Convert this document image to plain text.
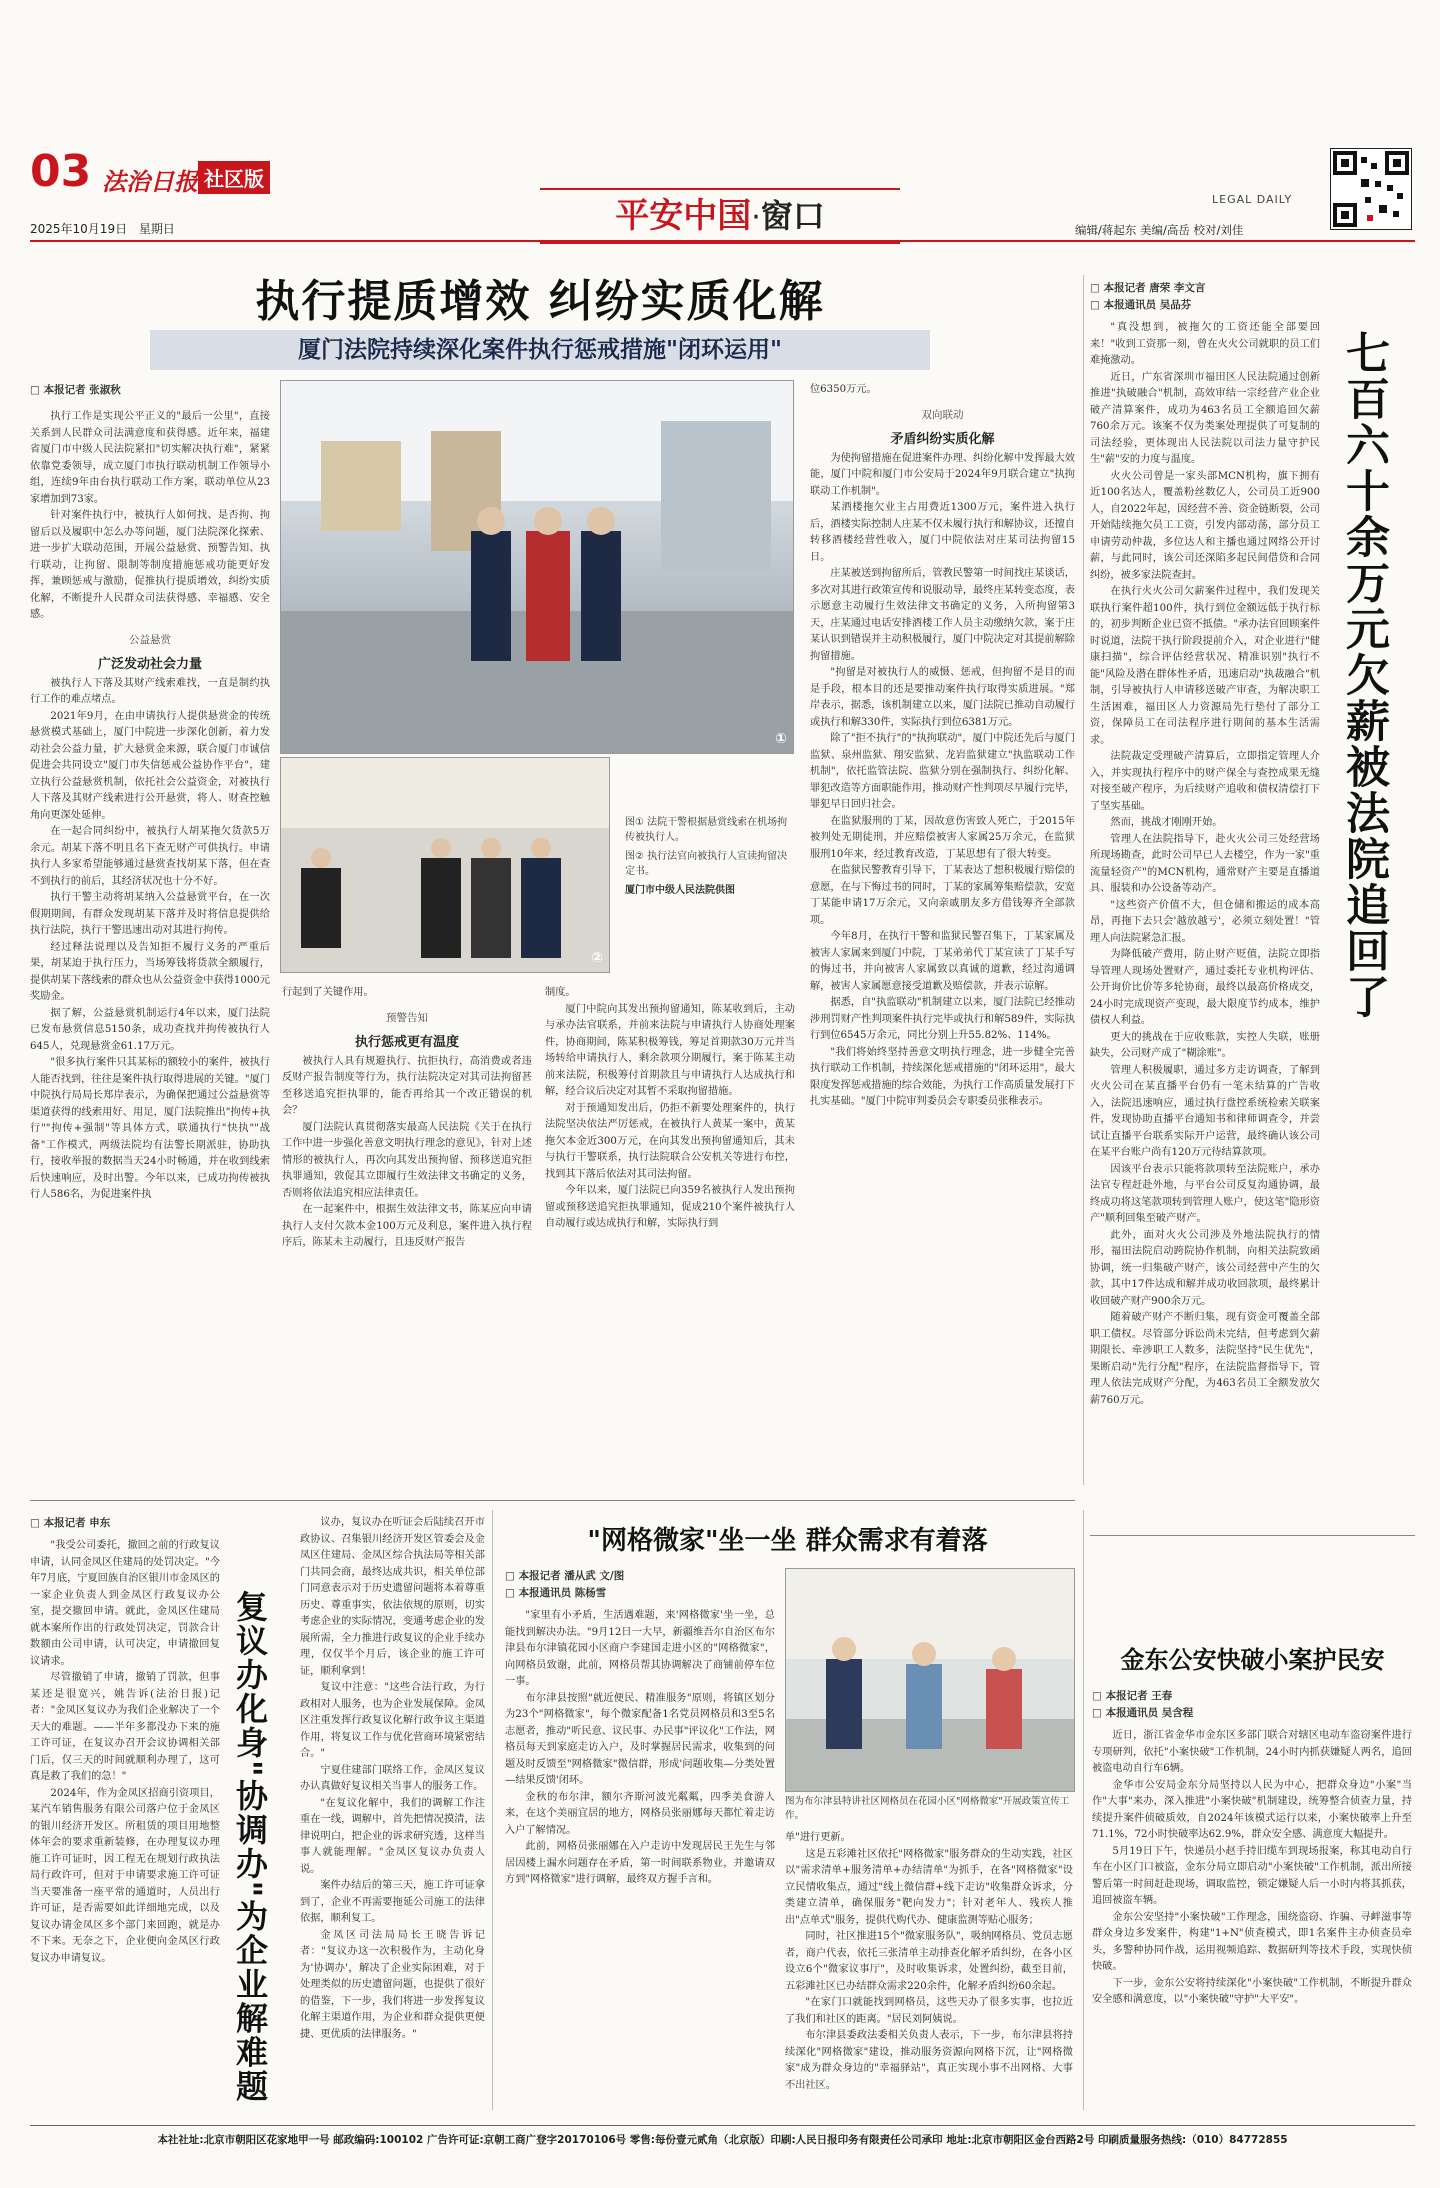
03 法治日报 社区版
2025年10月19日 星期日	平安中国·窗口	LEGAL DAILY
编辑/蒋起东 美编/高岳 校对/刘佳
执行提质增效 纠纷实质化解
厦门法院持续深化案件执行惩戒措施"闭环运用"
□ 本报记者 张淑秋

执行工作是实现公平正义的"最后一公里"，直接关系到人民群众司法满意度和获得感。近年来，福建省厦门市中级人民法院紧扣"切实解决执行难"，紧紧依靠党委领导，成立厦门市执行联动机制工作领导小组，连续9年由台执行联动工作方案，联动单位从23家增加到73家。

针对案件执行中，被执行人如何找、是否拘、拘留后以及履职中怎么办等问题，厦门法院深化探索、进一步扩大联动范围，开展公益悬赏、预警告知、执行联动，让拘留、限制等制度措施惩戒功能更好发挥，兼顾惩戒与激励，促推执行提质增效，纠纷实质化解，不断提升人民群众司法获得感、幸福感、安全感。

公益悬赏
广泛发动社会力量

被执行人下落及其财产线索难找，一直是制约执行工作的难点堵点。

2021年9月，在由申请执行人提供悬赏金的传统悬赏模式基础上，厦门中院进一步深化创新，着力发动社会公益力量，扩大悬赏金来源，联合厦门市诚信促进会共同设立"厦门市失信惩戒公益协作平台"，建立执行公益悬赏机制，依托社会公益资金，对被执行人下落及其财产线索进行公开悬赏，将人、财查控触角向更深处延伸。

在一起合同纠纷中，被执行人胡某拖欠货款5万余元。胡某下落不明且名下查无财产可供执行。申请执行人多家希望能够通过悬赏查找胡某下落，但在查不到执行的前后，其经济状况也十分不好。

执行干警主动将胡某纳入公益悬赏平台，在一次假期期间，有群众发现胡某下落并及时将信息提供给执行法院，执行干警迅速出动对其进行拘传。

经过释法说理以及告知拒不履行义务的严重后果，胡某迫于执行压力，当场筹钱将货款全额履行，提供胡某下落线索的群众也从公益资金中获得1000元奖励金。

据了解，公益悬赏机制运行4年以来，厦门法院已发布悬赏信息5150条，成功查找并拘传被执行人645人，兑现悬赏金61.17万元。

"很多执行案件只其某标的额较小的案件，被执行人能否找到，往往是案件执行取得进展的关键。"厦门中院执行局局长郑岸表示，为确保把通过公益悬赏等渠道获得的线索用好、用足，厦门法院推出"拘传+执行""拘传+强制"等具体方式，联通执行"快执""战备"工作模式，两级法院均有法警长期派驻，协助执行，接收举报的数据当天24小时畅通，并在收到线索后快速响应，及时出警。今年以来，已成功拘传被执行人586名，为促进案件执

①
②
图① 法院干警根据悬赏线索在机场拘传被执行人。
图② 执行法官向被执行人宣读拘留决定书。
厦门市中级人民法院供图

行起到了关键作用。

预警告知
执行惩戒更有温度

被执行人具有规避执行、抗拒执行，高消费或者违反财产报告制度等行为，执行法院决定对其司法拘留甚至移送追究拒执罪的，能否再给其一个改正错误的机会？

厦门法院认真贯彻落实最高人民法院《关于在执行工作中进一步强化善意文明执行理念的意见》，针对上述情形的被执行人，再次向其发出预拘留、预移送追究拒执罪通知，敦促其立即履行生效法律文书确定的义务，否则将依法追究相应法律责任。

在一起案件中，根据生效法律文书，陈某应向申请执行人支付欠款本金100万元及利息，案件进入执行程序后，陈某未主动履行，且违反财产报告

制度。

厦门中院向其发出预拘留通知，陈某收到后，主动与承办法官联系，并前来法院与申请执行人协商处理案件，协商期间，陈某积极筹钱，筹足首期款30万元并当场转给申请执行人，剩余款项分期履行，案于陈某主动前来法院，积极筹付首期款且与申请执行人达成执行和解，经合议后决定对其暂不采取拘留措施。

对于预通知发出后，仍拒不新要处理案件的，执行法院坚决依法严厉惩戒，在被执行人黄某一案中，黄某拖欠本金近300万元，在向其发出预拘留通知后，其未与执行干警联系，执行法院联合公安机关等进行布控，找到其下落后依法对其司法拘留。

今年以来，厦门法院已向359名被执行人发出预拘留或预移送追究拒执罪通知，促成210个案件被执行人自动履行或达成执行和解，实际执行到

位6350万元。

双向联动
矛盾纠纷实质化解

为使拘留措施在促进案件办理、纠纷化解中发挥最大效能，厦门中院和厦门市公安局于2024年9月联合建立"执拘联动工作机制"。

某酒楼拖欠业主占用费近1300万元，案件进入执行后，酒楼实际控制人庄某不仅未履行执行和解协议，还擅自转移酒楼经营性收入，厦门中院依法对庄某司法拘留15日。

庄某被送到拘留所后，管教民警第一时间找庄某谈话，多次对其进行政策宣传和说服动导，最终庄某转变态度，表示愿意主动履行生效法律文书确定的义务，入所拘留第3天，庄某通过电话安排酒楼工作人员主动缴纳欠款，案于庄某认识到错误并主动积极履行，厦门中院决定对其提前解除拘留措施。

"拘留是对被执行人的威慑、惩戒，但拘留不是目的而是手段，根本目的还是要推动案件执行取得实质进展。"郑岸表示，据悉，该机制建立以来，厦门法院已推动自动履行或执行和解330件，实际执行到位6381万元。

除了"拒不执行"的"执拘联动"，厦门中院还先后与厦门监狱、泉州监狱、翔安监狱、龙岩监狱建立"执监联动工作机制"，依托监管法院、监狱分别在强制执行、纠纷化解、罪犯改造等方面职能作用，推动财产性判项尽早履行完毕，罪犯早日回归社会。

在监狱服刑的丁某，因故意伤害致人死亡，于2015年被判处无期徒刑，并应赔偿被害人家属25万余元，在监狱服刑10年来，经过教育改造，丁某思想有了很大转变。

在监狱民警教育引导下，丁某表达了想积极履行赔偿的意愿，在与下悔过书的同时，丁某的家属筹集赔偿款，安宽丁某能申请17万余元，又向亲戚朋友多方借钱筹齐全部款项。

今年8月，在执行干警和监狱民警召集下，丁某家属及被害人家属来到厦门中院，丁某弟弟代丁某宣读了丁某手写的悔过书，并向被害人家属致以真诚的道歉，经过沟通调解，被害人家属愿意接受道歉及赔偿款，并表示谅解。

据悉，自"执监联动"机制建立以来，厦门法院已经推动涉刑罚财产性判项案件执行完毕或执行和解589件，实际执行到位6545万余元，同比分别上升55.82%、114%。

"我们将始终坚持善意文明执行理念，进一步健全完善执行联动工作机制，持续深化惩戒措施的"闭环运用"，最大限度发挥惩戒措施的综合效能，为执行工作高质量发展打下扎实基础。"厦门中院审判委员会专职委员张稚表示。

□ 本报记者 唐荣 李文言
□ 本报通讯员 吴品芬

"真没想到，被拖欠的工资还能全部要回来！"收到工资那一刻，曾在火火公司就职的员工们难掩激动。

近日，广东省深圳市福田区人民法院通过创新推进"执破融合"机制，高效审结一宗经营产业企业破产清算案件，成功为463名员工全额追回欠薪760余万元。该案不仅为类案处理提供了可复制的司法经验，更体现出人民法院以司法力量守护民生"薪"安的力度与温度。

火火公司曾是一家头部MCN机构，旗下拥有近100名达人，覆盖粉丝数亿人，公司员工近900人，自2022年起，因经营不善、资金链断裂，公司开始陆续拖欠员工工资，引发内部动荡，部分员工申请劳动仲裁，多位达人和主播也通过网络公开讨薪，与此同时，该公司还深陷多起民间借贷和合同纠纷，被多家法院查封。

在执行火火公司欠薪案件过程中，我们发现关联执行案件超100件，执行到位金额远低于执行标的，初步判断企业已资不抵债。"承办法官回顾案件时说道，法院干执行阶段提前介入，对企业进行"健康扫描"，综合评估经营状况、精准识别"执行不能"风险及潜在群体性矛盾，迅速启动"执裁融合"机制，引导被执行人申请移送破产审查，为解决职工生活困难，福田区人力资源局先行垫付了部分工资，保障员工在司法程序进行期间的基本生活需求。

法院裁定受理破产清算后，立即指定管理人介入，并实现执行程序中的财产保全与查控成果无缝对接至破产程序，为后续财产追收和债权清偿打下了坚实基础。

然而，挑战才刚刚开始。

管理人在法院指导下，赴火火公司三处经营场所现场勘查，此时公司早已人去楼空，作为一家"重流量轻资产"的MCN机构，通常财产主要是直播道具、服装和办公设备等动产。

"这些资产价值不大，但仓储和搬运的成本高昂，再拖下去只会'越放越亏'，必须立刻处置！"管理人向法院紧急汇报。

为降低破产费用，防止财产贬值，法院立即指导管理人现场处置财产，通过委托专业机构评估、公开询价比价等多轮协商，最终以最高价格成交，24小时完成现资产变现，最大限度节约成本，维护债权人利益。

更大的挑战在于应收账款，实控人失联，账册缺失，公司财产成了"糊涂账"。

管理人积极履职，通过多方走访调查，了解到火火公司在某直播平台仍有一笔未结算的广告收入，法院迅速响应，通过执行盘控系统检索关联案件，发现协助直播平台通知书和律师调查令，并尝试让直播平台联系实际开户运营，最终确认该公司在某平台账户尚有120万元待结算款项。

因该平台表示只能将款项转至法院账户，承办法官专程赶赴外地，与平台公司反复沟通协调，最终成功将这笔款项转到管理人账户，使这笔"隐形资产"顺利回集至破产财产。

此外，面对火火公司涉及外地法院执行的情形，福田法院启动跨院协作机制，向相关法院致函协调，统一归集破产财产，该公司经营中产生的欠款，其中17件达成和解并成功收回款项，最终累计收回破产财产900余万元。

随着破产财产不断归集，现有资金可覆盖全部职工债权。尽管部分诉讼尚未完结，但考虑到欠薪期限长、牵涉职工人数多，法院坚持"民生优先"，果断启动"先行分配"程序，在法院监督指导下，管理人依法完成财产分配，为463名员工全额发放欠薪760万元。

七百六十余万元欠薪被法院追回了
□ 本报记者 申东

"我受公司委托，撤回之前的行政复议申请，认同金凤区住建局的处罚决定。"今年7月底，宁夏回族自治区银川市金凤区的一家企业负责人到金凤区行政复议办公室，提交撤回申请。就此，金凤区住建局就本案所作出的行政处罚决定，罚款合计数额由公司申请，认可决定，申请撤回复议请求。

尽管撤销了申请，撤销了罚款，但事某还是很宽兴，姚告诉(法治日报)记者："金凤区复议办为我们企业解决了一个天大的难题。——半年多都没办下来的施工许可证，在复议办召开会议协调相关部门后，仅三天的时间就顺利办理了，这可真是救了我们的急！"

2024年，作为金凤区招商引资项目，某汽车销售服务有限公司落户位于金凤区的银川经济开发区。所租赁的项目用地整体年会的要求重新装修，在办理复议办理施工许可证时，因工程无在规划行政执法局行政许可，但对于申请要求施工许可证当天要准备一座平常的通道时，人员出行许可证，是否需要如此详细地完成，以及复议办请金凤区多个部门来回跑，就是办不下来。无奈之下，企业便向金凤区行政复议办申请复议。	复议办化身"协调办"为企业解难题

议办，复议办在听证会后陆续召开市政协议、召集银川经济开发区管委会及金凤区住建局、金凤区综合执法局等相关部门共同会商，最终达成共识，相关单位部门同意表示对于历史遗留问题将本着尊重历史、尊重事实，依法依规的原则，切实考虑企业的实际情况，变通考虑企业的发展所需，全力推进行政复议的企业手续办理，仅仅半个月后，该企业的施工许可证，顺利拿到！

复议中注意："这些合法行政，为行政相对人服务，也为企业发展保障。金凤区注重发挥行政复议化解行政争议主渠道作用，将复议工作与优化营商环境紧密结合。"

宁夏住建部门联络工作，金凤区复议办认真做好复议相关当事人的服务工作。

"在复议化解中，我们的调解工作注重在一线，调解中，首先把情况摸清，法律说明白，把企业的诉求研究透，这样当事人就能理解。"金凤区复议办负责人说。

案件办结后的第三天，施工许可证拿到了，企业不再需要拖延公司施工的法律依据，顺利复工。

金凤区司法局局长王晓告诉记者："复议办这一次积极作为，主动化身为'协调办'，解决了企业实际困难，对于处理类似的历史遗留问题，也提供了很好的借鉴，下一步，我们将进一步发挥复议化解主渠道作用，为企业和群众提供更便捷、更优质的法律服务。"

"网格微家"坐一坐 群众需求有着落
□ 本报记者 潘从武 文/图
□ 本报通讯员 陈杨雪

"家里有小矛盾，生活遇难题，来'网格微家'坐一坐，总能找到解决办法。"9月12日一大早，新疆维吾尔自治区布尔津县布尔津镇花园小区商户李建国走进小区的"网格微家"，向网格员致谢，此前，网格员帮其协调解决了商铺前停车位一事。

布尔津县按照"就近便民、精准服务"原则，将镇区划分为23个"网格微家"，每个微家配备1名党员网格员和3至5名志愿者，推动"听民意、议民事、办民事"评议化"工作法，网格员每天到家庭走访入户，及时掌握居民需求，收集到的问题及时反馈至"网格微家"微信群，形成'问题收集—分类处置—结果反馈'闭环。

金秋的布尔津，额尔齐斯河波光粼粼，四季美食游人来，在这个美丽宜居的地方，网格员张丽娜每天都忙着走访入户了解情况。

此前，网格员张丽娜在入户走访中发现居民王先生与邻居因楼上漏水问题存在矛盾，第一时间联系物业，并邀请双方到"网格微家"进行调解，最终双方握手言和。

图为布尔津县特讲社区网格员在花园小区"网格微家"开展政策宣传工作。

单"进行更新。

这是五彩滩社区依托"网格微家"服务群众的生动实践，社区以"需求清单+服务清单+办结清单"为抓手，在各"网格微家"设立民情收集点，通过"线上微信群+线下走访"收集群众诉求，分类建立清单，确保服务"靶向发力"；针对老年人、残疾人推出"点单式"服务，提供代购代办、健康监测等贴心服务；

同时，社区推进15个"微家服务队"，吸纳网格员、党员志愿者，商户代表，依托三张清单主动排查化解矛盾纠纷，在各小区设立6个"微家议事厅"，及时收集诉求，处置纠纷，截至目前，五彩滩社区已办结群众需求220余件，化解矛盾纠纷60余起。

"在家门口就能找到网格员，这些天办了很多实事，也拉近了我们和社区的距离。"居民刘阿姨说。

布尔津县委政法委相关负责人表示，下一步，布尔津县将持续深化"网格微家"建设，推动服务资源向网格下沉，让"网格微家"成为群众身边的"幸福驿站"，真正实现小事不出网格、大事不出社区。

金东公安快破小案护民安
□ 本报记者 王春
□ 本报通讯员 吴含程

近日，浙江省金华市金东区多部门联合对辖区电动车盗窃案件进行专项研判，依托"小案快破"工作机制，24小时内抓获嫌疑人两名，追回被盗电动自行车6辆。

金华市公安局金东分局坚持以人民为中心，把群众身边"小案"当作"大事"来办，深入推进"小案快破"机制建设，统筹整合侦查力量，持续提升案件侦破质效，自2024年该模式运行以来，小案快破率上升至71.1%，72小时快破率达62.9%，群众安全感、满意度大幅提升。

5月19日下午，快递员小赵手持旧缆车到现场报案，称其电动自行车在小区门口被盗，金东分局立即启动"小案快破"工作机制，派出所接警后第一时间赶赴现场，调取监控，锁定嫌疑人后一小时内将其抓获，追回被盗车辆。

金东公安坚持"小案快破"工作理念，围绕盗窃、诈骗、寻衅滋事等群众身边多发案件，构建"1+N"侦查模式，即1名案件主办侦查员牵头，多警种协同作战，运用视频追踪、数据研判等技术手段，实现快侦快破。

下一步，金东公安将持续深化"小案快破"工作机制，不断提升群众安全感和满意度，以"小案快破"守护"大平安"。

本社社址:北京市朝阳区花家地甲一号 邮政编码:100102 广告许可证:京朝工商广登字20170106号 零售:每份壹元贰角（北京版）印刷:人民日报印务有限责任公司承印 地址:北京市朝阳区金台西路2号 印刷质量服务热线:（010）84772855
